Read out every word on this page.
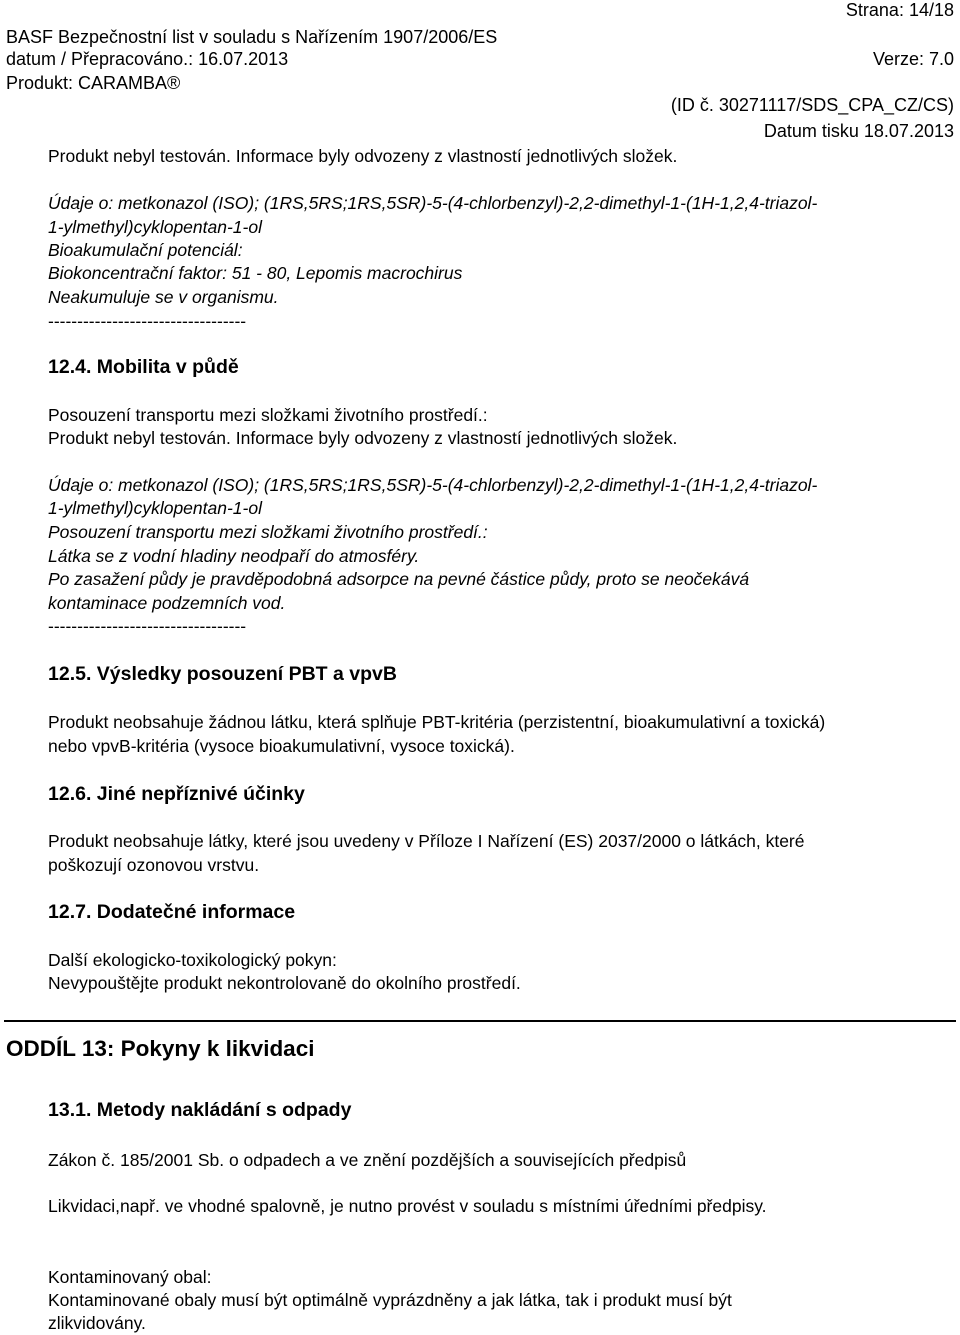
Strana: 14/18
BASF Bezpečnostní list v souladu s Nařízením 1907/2006/ES
datum / Přepracováno.: 16.07.2013	Verze: 7.0
Produkt: CARAMBA®
(ID č. 30271117/SDS_CPA_CZ/CS)
Datum tisku 18.07.2013
Produkt nebyl testován. Informace byly odvozeny z vlastností jednotlivých složek.
Údaje o: metkonazol (ISO); (1RS,5RS;1RS,5SR)-5-(4-chlorbenzyl)-2,2-dimethyl-1-(1H-1,2,4-triazol-
1-ylmethyl)cyklopentan-1-ol
Bioakumulační potenciál:
Biokoncentrační faktor: 51 - 80, Lepomis macrochirus
Neakumuluje se v organismu.
----------------------------------
12.4. Mobilita v půdě
Posouzení transportu mezi složkami životního prostředí.:
Produkt nebyl testován. Informace byly odvozeny z vlastností jednotlivých složek.
Údaje o: metkonazol (ISO); (1RS,5RS;1RS,5SR)-5-(4-chlorbenzyl)-2,2-dimethyl-1-(1H-1,2,4-triazol-
1-ylmethyl)cyklopentan-1-ol
Posouzení transportu mezi složkami životního prostředí.:
Látka se z vodní hladiny neodpaří do atmosféry.
Po zasažení půdy je pravděpodobná adsorpce na pevné částice půdy, proto se neočekává
kontaminace podzemních vod.
----------------------------------
12.5. Výsledky posouzení PBT a vpvB
Produkt neobsahuje žádnou látku, která splňuje PBT-kritéria (perzistentní, bioakumulativní a toxická)
nebo vpvB-kritéria (vysoce bioakumulativní, vysoce toxická).
12.6. Jiné nepříznivé účinky
Produkt neobsahuje látky, které jsou uvedeny v Příloze I Nařízení (ES) 2037/2000 o látkách, které
poškozují ozonovou vrstvu.
12.7. Dodatečné informace
Další ekologicko-toxikologický pokyn:
Nevypouštějte produkt nekontrolovaně do okolního prostředí.
ODDÍL 13: Pokyny k likvidaci
13.1. Metody nakládání s odpady
Zákon č. 185/2001 Sb. o odpadech a ve znění pozdějších a souvisejících předpisů
Likvidaci,např. ve vhodné spalovně, je nutno provést v souladu s místními úředními předpisy.
Kontaminovaný obal:
Kontaminované obaly musí být optimálně vyprázdněny a jak látka, tak i produkt musí být
zlikvidovány.
